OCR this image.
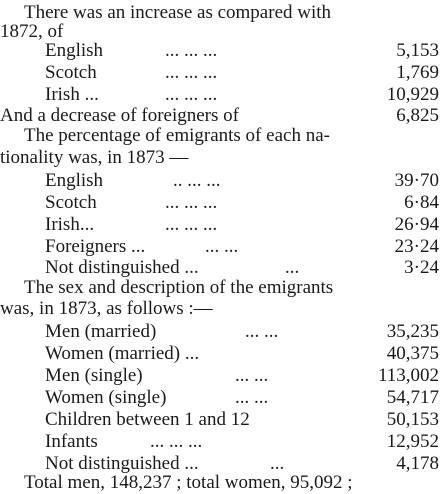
There was an increase as compared with
1872, of
English	... ... ...	5,153
Scotch	... ... ...	1,769
Irish ...	... ... ...	10,929
And a decrease of foreigners of	6,825
The percentage of emigrants of each na-
tionality was, in 1873 —
English	.. ... ...	39·70
Scotch	... ... ...	6·84
Irish...	... ... ...	26·94
Foreigners ...	... ...	23·24
Not distinguished ...	...	3·24
The sex and description of the emigrants
was, in 1873, as follows :—
Men (married)	... ...	35,235
Women (married) ...	40,375
Men (single)	... ...	113,002
Women (single)	... ...	54,717
Children between 1 and 12	50,153
Infants	... ... ...	12,952
Not distinguished ...	...	4,178
Total men, 148,237 ; total women, 95,092 ;
